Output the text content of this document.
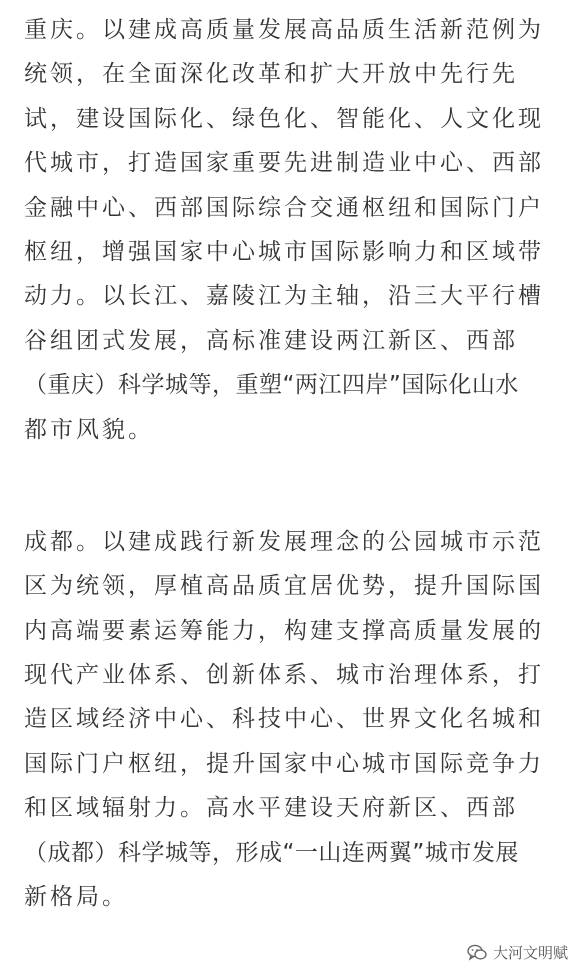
重庆。以建成高质量发展高品质生活新范例为
统领，在全面深化改革和扩大开放中先行先
试，建设国际化、绿色化、智能化、人文化现
代城市，打造国家重要先进制造业中心、西部
金融中心、西部国际综合交通枢纽和国际门户
枢纽，增强国家中心城市国际影响力和区域带
动力。以长江、嘉陵江为主轴，沿三大平行槽
谷组团式发展，高标准建设两江新区、西部
（重庆）科学城等，重塑“两江四岸”国际化山水
都市风貌。
成都。以建成践行新发展理念的公园城市示范
区为统领，厚植高品质宜居优势，提升国际国
内高端要素运筹能力，构建支撑高质量发展的
现代产业体系、创新体系、城市治理体系，打
造区域经济中心、科技中心、世界文化名城和
国际门户枢纽，提升国家中心城市国际竞争力
和区域辐射力。高水平建设天府新区、西部
（成都）科学城等，形成“一山连两翼”城市发展
新格局。
大河文明赋
